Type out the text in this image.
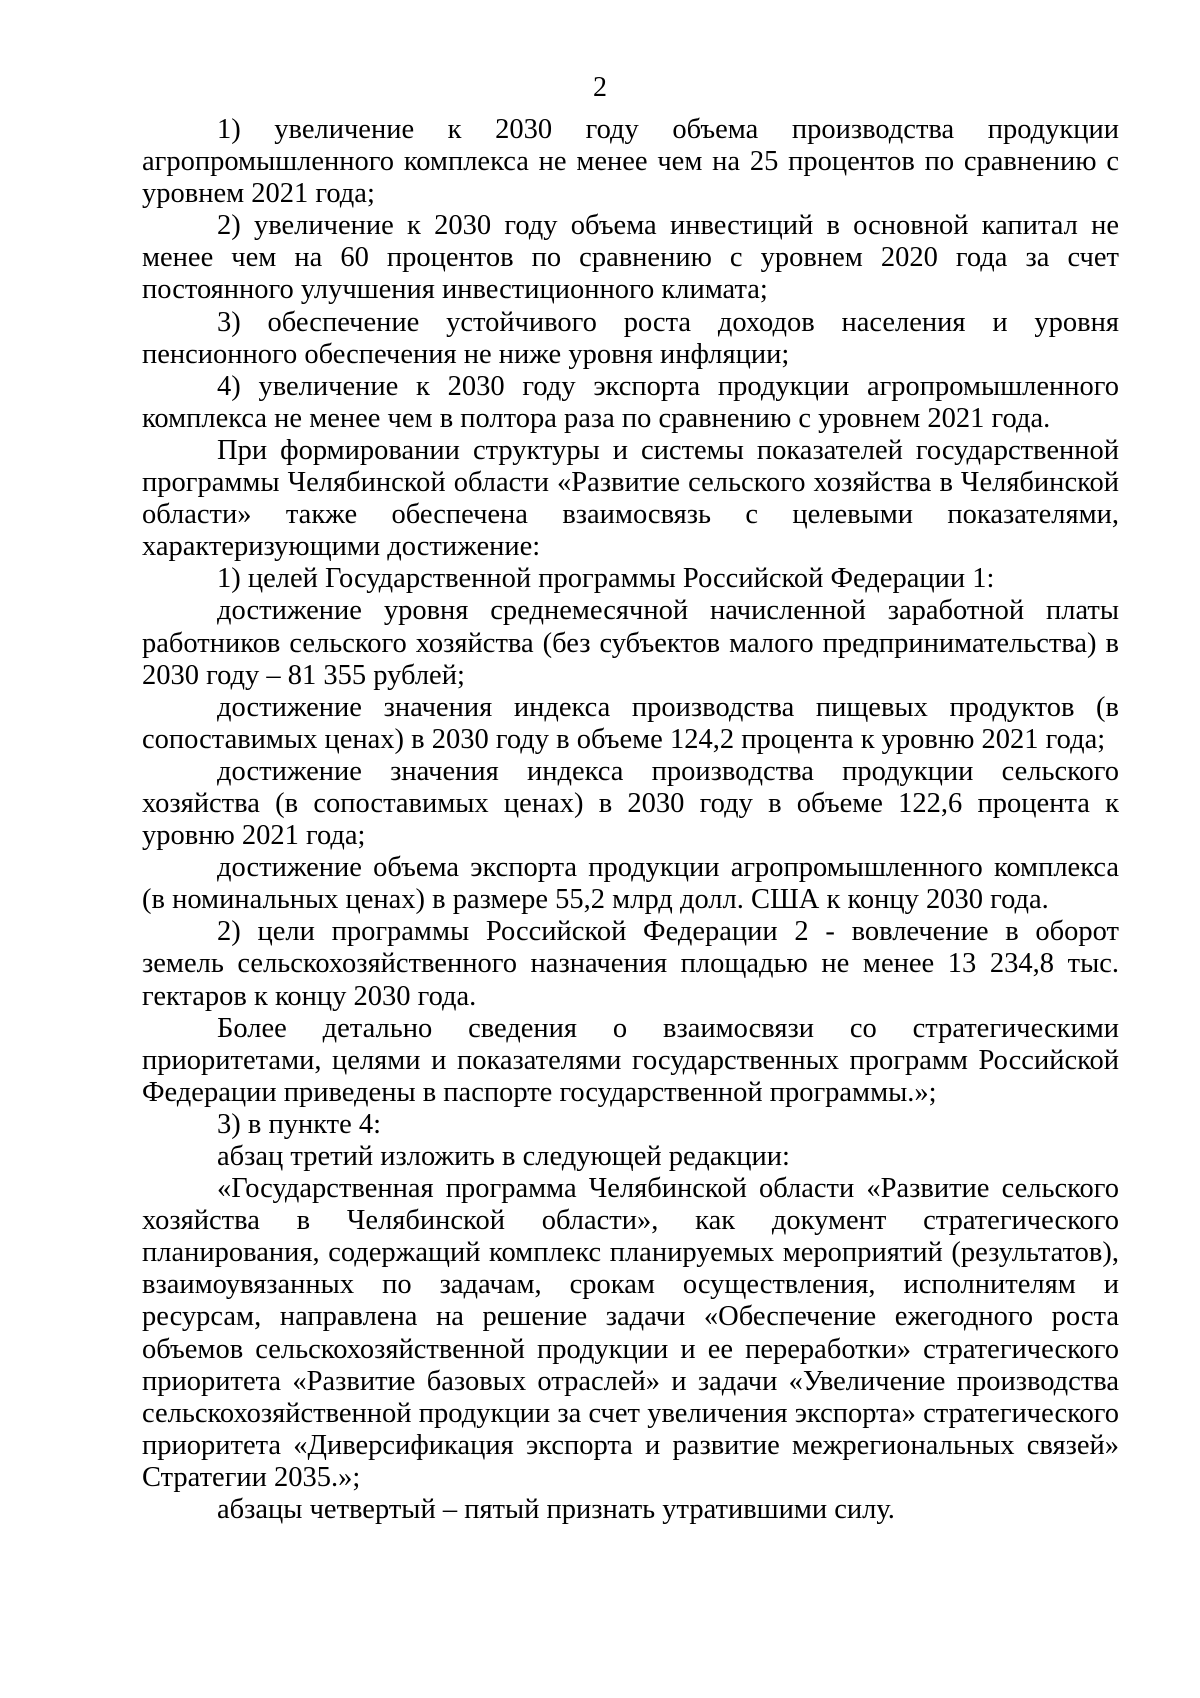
2

1) увеличение к 2030 году объема производства продукции агропромышленного комплекса не менее чем на 25 процентов по сравнению с уровнем 2021 года;

2) увеличение к 2030 году объема инвестиций в основной капитал не менее чем на 60 процентов по сравнению с уровнем 2020 года за счет постоянного улучшения инвестиционного климата;

3) обеспечение устойчивого роста доходов населения и уровня пенсионного обеспечения не ниже уровня инфляции;

4) увеличение к 2030 году экспорта продукции агропромышленного комплекса не менее чем в полтора раза по сравнению с уровнем 2021 года.

При формировании структуры и системы показателей государственной программы Челябинской области «Развитие сельского хозяйства в Челябинской области» также обеспечена взаимосвязь с целевыми показателями, характеризующими достижение:

1) целей Государственной программы Российской Федерации 1:

достижение уровня среднемесячной начисленной заработной платы работников сельского хозяйства (без субъектов малого предпринимательства) в 2030 году – 81 355 рублей;

достижение значения индекса производства пищевых продуктов (в сопоставимых ценах) в 2030 году в объеме 124,2 процента к уровню 2021 года;

достижение значения индекса производства продукции сельского хозяйства (в сопоставимых ценах) в 2030 году в объеме 122,6 процента к уровню 2021 года;

достижение объема экспорта продукции агропромышленного комплекса (в номинальных ценах) в размере 55,2 млрд долл. США к концу 2030 года.

2) цели программы Российской Федерации 2 - вовлечение в оборот земель сельскохозяйственного назначения площадью не менее 13 234,8 тыс. гектаров к концу 2030 года.

Более детально сведения о взаимосвязи со стратегическими приоритетами, целями и показателями государственных программ Российской Федерации приведены в паспорте государственной программы.»;

3) в пункте 4:

абзац третий изложить в следующей редакции:

«Государственная программа Челябинской области «Развитие сельского хозяйства в Челябинской области», как документ стратегического планирования, содержащий комплекс планируемых мероприятий (результатов), взаимоувязанных по задачам, срокам осуществления, исполнителям и ресурсам, направлена на решение задачи «Обеспечение ежегодного роста объемов сельскохозяйственной продукции и ее переработки» стратегического приоритета «Развитие базовых отраслей» и задачи «Увеличение производства сельскохозяйственной продукции за счет увеличения экспорта» стратегического приоритета «Диверсификация экспорта и развитие межрегиональных связей» Стратегии 2035.»;

абзацы четвертый – пятый признать утратившими силу.
